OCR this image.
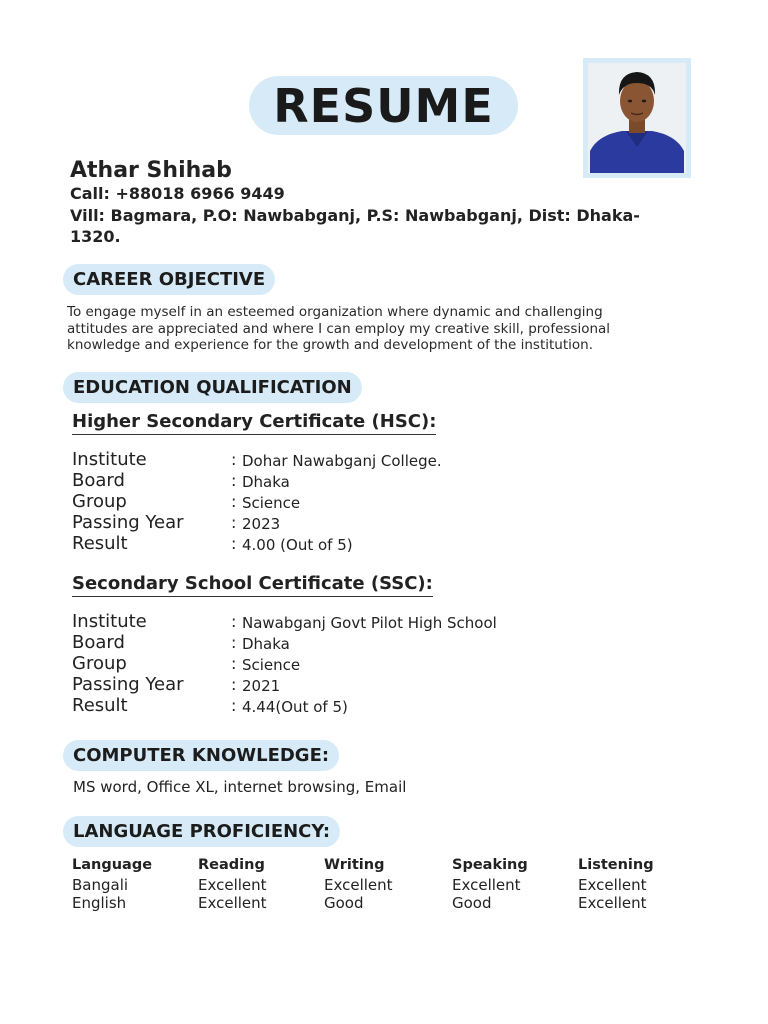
RESUME
Athar Shihab
Call: +88018 6966 9449
Vill: Bagmara, P.O: Nawbabganj, P.S: Nawbabganj, Dist: Dhaka-1320.
CAREER OBJECTIVE
To engage myself in an esteemed organization where dynamic and challenging attitudes are appreciated and where I can employ my creative skill, professional knowledge and experience for the growth and development of the institution.
EDUCATION QUALIFICATION
Higher Secondary Certificate (HSC):
Institute	: Dohar Nawabganj College.
Board	: Dhaka
Group	: Science
Passing Year	: 2023
Result	: 4.00 (Out of 5)
Secondary School Certificate (SSC):
Institute	: Nawabganj Govt Pilot High School
Board	: Dhaka
Group	: Science
Passing Year	: 2021
Result	: 4.44(Out of 5)
COMPUTER KNOWLEDGE:
MS word, Office XL, internet browsing, Email
LANGUAGE PROFICIENCY:
Language	Reading	Writing	Speaking	Listening
Bangali	Excellent	Excellent	Excellent	Excellent
English	Excellent	Good	Good	Excellent
